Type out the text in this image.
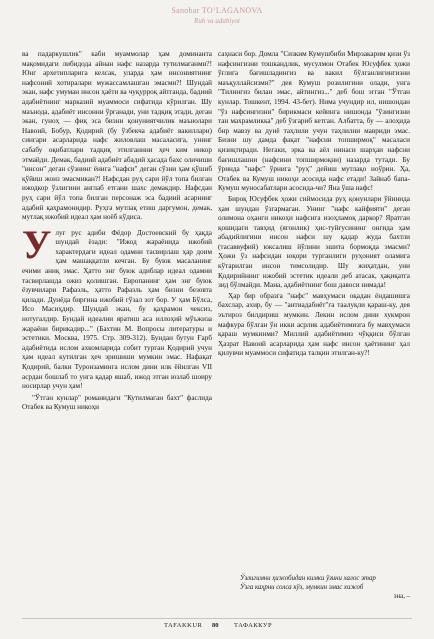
Sanobar TO‘LAGANOVA
Ruh va adabiyot

ва падаркушлик" каби муаммолар ҳам доминанта мақомидаги либидода айнан нафс назарда тутилмаганми?! Юнг архетипларига келсак, уларда ҳам инсониятнинг нафсоний хотиралари мужассамлашган эмасми?! Шундай экан, нафс умуман инсон ҳаёти ва чуқурроқ айтганда, бадиий адабиётнинг марказий муаммоси сифатида кўрилган. Шу маънода, адабиёт инсонни ўрганади, уни тадқиқ этади, деган экан, гуноҳ — фиқ эса бизни қонуниятчилик маънолари Навоий, Бобур, Қодирий (бу ўзбекча адабиёт вакиллари) сингари асарларида нафс жиловлаш масаласига, унинг сабабу оқибатлари тадқиқ этилганини ҳеч ким инкор этмайди. Демак, бадиий адабиёт абадий ҳасада бахс оличиши "инсон" деган сўзнинг ёнига "нафси" деган сўзни ҳам қўшиб қўйиш жоиз эмасмикан?! Нафсдан руҳ сари йўл топа билган ижодкор ўзлигини англаб етгани шахс демакдир. Нафсдан руҳ сари йўл топа билган персонаж эса бадиий асарнинг адабий қаҳрамонидир. Руҳга мутлақ етиш даргумон, демак, мутлақ ижобий идеал ҳам ноёб кўдиса.

У луғ рус адиби Фёдор Достоевский бу ҳақда шундай ёзади: "Ижод жараёнида ижобий характердаги идеал одамни тасвирлаш ҳар доим ҳам машаққатли кечган. Бу буюк масаланинг ечими аниқ эмас. Ҳатто энг буюк адиблар идеал одамни тасвирлашда ожиз қолишган. Европанинг ҳам энг буюк ёзувчилари Рафаэль, ҳатто Рафаэль ҳам бизни безовта қилади. Дунёда биргина ижобий гўзал зот бор. У ҳам Бўлса, Исо Масиҳдир. Шундай экан, бу қаҳрамон чексиз, нотугалдир. Бундай идеални яратиш аса иллоҳий мўъжиза жараёни бирикадир..." (Бахтин М. Вопросы литературы и эстетики. Москва, 1975. Стр. 309-312). Бундан бутун Ғарб адабиётида ислом ахкомларида собит турган Қодирий учун ҳам идеал кутилган ҳеч эришиши мумкин эмас. Нафақат Қодирий, балки Туронзаминга ислом дини илк ёйилган VII асрдан бошлаб то унга қадар яшаб, ижод этган юзлаб шоиру носирлар учун ҳам!

"Ўтган кунлар" романидаги "Кутилмаган бахт" фаслида Отабек ва Кумуш никоҳи

саҳнаси бор. Домла "Сизким Кумушбиби Мирзакарим қизи ўз нафсингизни тошкандлик, мусулмон Отабек Юсуфбек ҳожи ўғлига бағишладингиз ва вакил бўлганлигингизни маъқуллайсизми?" дея Кумуш розилигини олади, унга "Тилингиз билан эмас, айтингиз..." деб бош эгган "Ўтган кунлар. Тошкент, 1994. 43-бет). Нима учундир ил, нишондан "ўз нафсингизни" бирикмаси кейинга нишонда "ўзингизни тан махрамликка" деб ўзгариб кетган. Албатта, бу — алоҳида бир мавзу ва дунё таҳлили учун таҳлилни мавриди эмас. Бизни шу дамда фақат "нафсни топширмоқ" масаласи қизиқтиради. Негаки, эрка ва аёл нинаси шарҳаи нафсни бағишлашни (нафсини топширмоқни) назарда тутади. Бу ўринда "нафс" ўрнига "руҳ" дейиш мутлақо ноўрин. Ҳа, Отабек ва Кумуш никоҳи асосида нафс етади! Зайнаб бапа- Кумуш муносабатлари асосида-чи? Яна ўша нафс!

Бироқ Юсуфбек ҳожи сиймосида руҳ қонунлари ўйинида ҳам шундан ўзгармаган. Унинг "нафс кайфияти" деган олимона оҳанги никоҳи нафсига изоҳламоқ даркор? Яратган қошидаги тавҳид (ягонлик) ҳис-туйғусининг онгида ҳам абадийлигини инсон нафси шу қадар жуда бахтли (тасаввуфий) юксалиш йўлини эшита бормоқда эмасми? Ҳожи ўз нафсидан юқори турганлиги руҳоният оламига кўтарилган инсон тимсолидир. Шу жиҳатдан, уни Қодирийнинг ижобий эстетик идеали деб атасак, ҳақиқатга зид бўлмайди. Мана, адабиётнинг бош давоси нимада!

Ҳар бир образга "нафс" мавҳумаси оқадан ёндашишга бахслар, ахир, бу — "антиадабиёт"га таалуқли қараш-ку, дея эътироз билдириш мумкин. Лекин ислом дини хукмрон мафкура бўлган ўн икки асрлик адабиётимизга бу мавҳумаси қараш мумкинми? Миллий адабиётимиз чўққиси бўлган Ҳазрат Навоий асарларида ҳам нафс инсон ҳаётининг ҳал қилувчи муаммоси сифатида талқин этилган-ку?!

Ўзлигимни ҳижобидан кимки ўзини халос этар
Ўзга каҳрни солса кўз, мумкин эмас хижоб
эна, –
TAFAKKUR 80 ТАФАККУР
